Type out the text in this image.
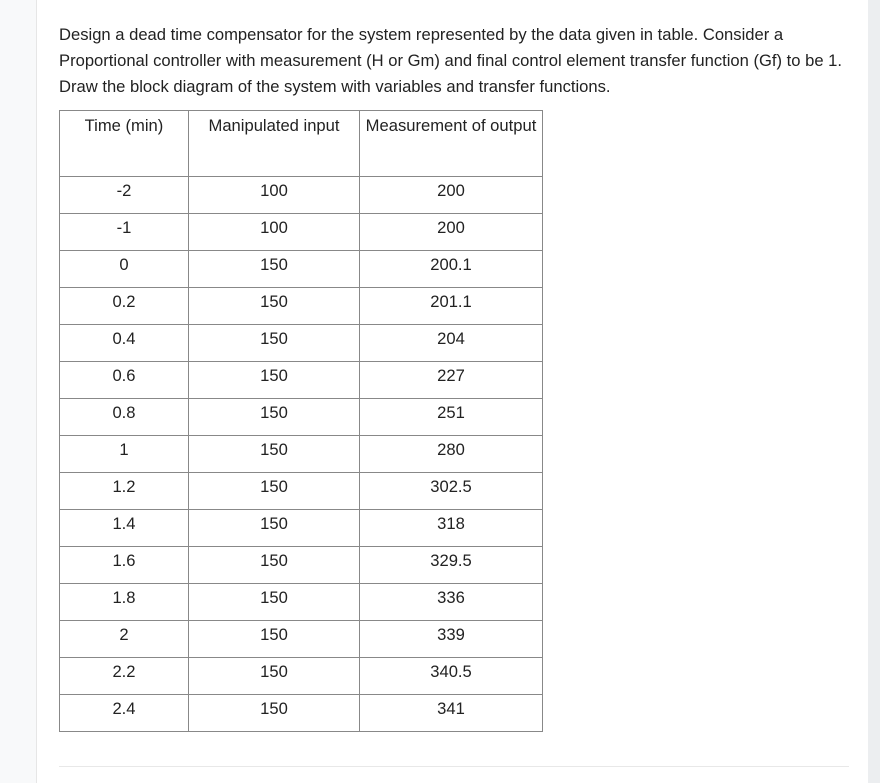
Design a dead time compensator for the system represented by the data given in table. Consider a Proportional controller with measurement (H or Gm) and final control element transfer function (Gf) to be 1. Draw the block diagram of the system with variables and transfer functions.

Time (min)	Manipulated input	Measurement of output
-2	100	200
-1	100	200
0	150	200.1
0.2	150	201.1
0.4	150	204
0.6	150	227
0.8	150	251
1	150	280
1.2	150	302.5
1.4	150	318
1.6	150	329.5
1.8	150	336
2	150	339
2.2	150	340.5
2.4	150	341
